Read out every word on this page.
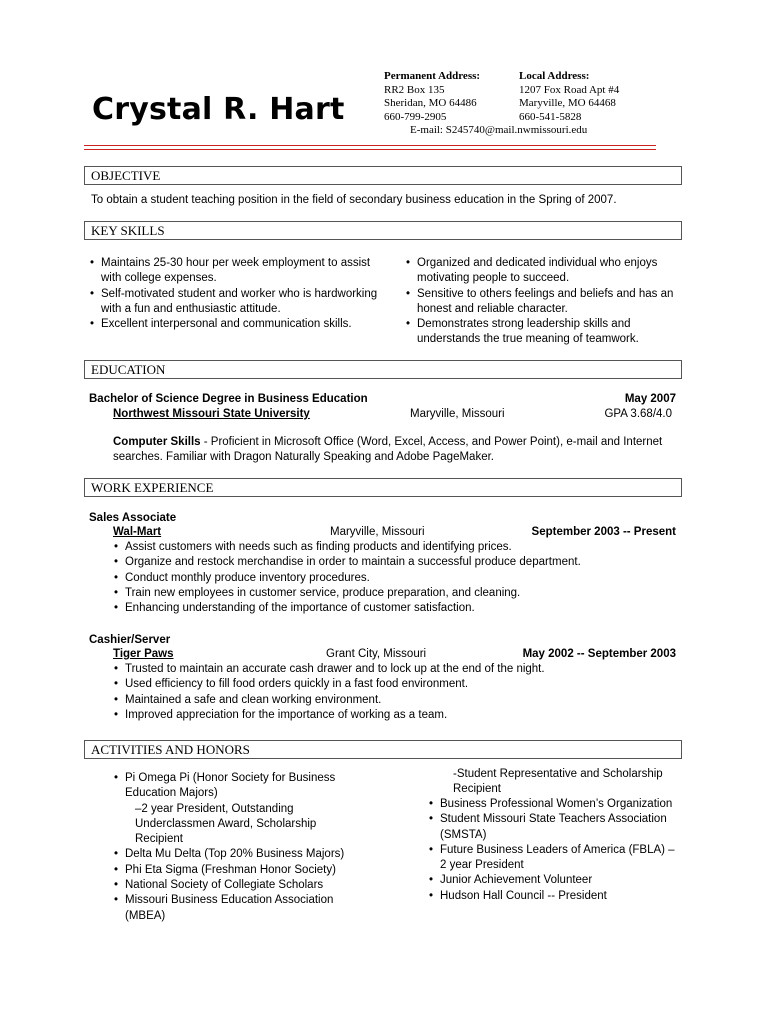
Crystal R. Hart
Permanent Address:
RR2 Box 135
Sheridan, MO 64486
660-799-2905
Local Address:
1207 Fox Road Apt #4
Maryville, MO 64468
660-541-5828
E-mail: S245740@mail.nwmissouri.edu
OBJECTIVE
To obtain a student teaching position in the field of secondary business education in the Spring of 2007.
KEY SKILLS
• Maintains 25-30 hour per week employment to assist with college expenses.
• Self-motivated student and worker who is hardworking with a fun and enthusiastic attitude.
• Excellent interpersonal and communication skills.
• Organized and dedicated individual who enjoys motivating people to succeed.
• Sensitive to others feelings and beliefs and has an honest and reliable character.
• Demonstrates strong leadership skills and understands the true meaning of teamwork.
EDUCATION
Bachelor of Science Degree in Business Education	May 2007
Northwest Missouri State University	Maryville, Missouri	GPA 3.68/4.0
Computer Skills - Proficient in Microsoft Office (Word, Excel, Access, and Power Point), e-mail and Internet searches. Familiar with Dragon Naturally Speaking and Adobe PageMaker.
WORK EXPERIENCE
Sales Associate
Wal-Mart	Maryville, Missouri	September 2003 -- Present
• Assist customers with needs such as finding products and identifying prices.
• Organize and restock merchandise in order to maintain a successful produce department.
• Conduct monthly produce inventory procedures.
• Train new employees in customer service, produce preparation, and cleaning.
• Enhancing understanding of the importance of customer satisfaction.
Cashier/Server
Tiger Paws	Grant City, Missouri	May 2002 -- September 2003
• Trusted to maintain an accurate cash drawer and to lock up at the end of the night.
• Used efficiency to fill food orders quickly in a fast food environment.
• Maintained a safe and clean working environment.
• Improved appreciation for the importance of working as a team.
ACTIVITIES AND HONORS
• Pi Omega Pi (Honor Society for Business Education Majors)
–2 year President, Outstanding Underclassmen Award, Scholarship Recipient
• Delta Mu Delta (Top 20% Business Majors)
• Phi Eta Sigma (Freshman Honor Society)
• National Society of Collegiate Scholars
• Missouri Business Education Association (MBEA)
-Student Representative and Scholarship Recipient
• Business Professional Women’s Organization
• Student Missouri State Teachers Association (SMSTA)
• Future Business Leaders of America (FBLA) – 2 year President
• Junior Achievement Volunteer
• Hudson Hall Council -- President
